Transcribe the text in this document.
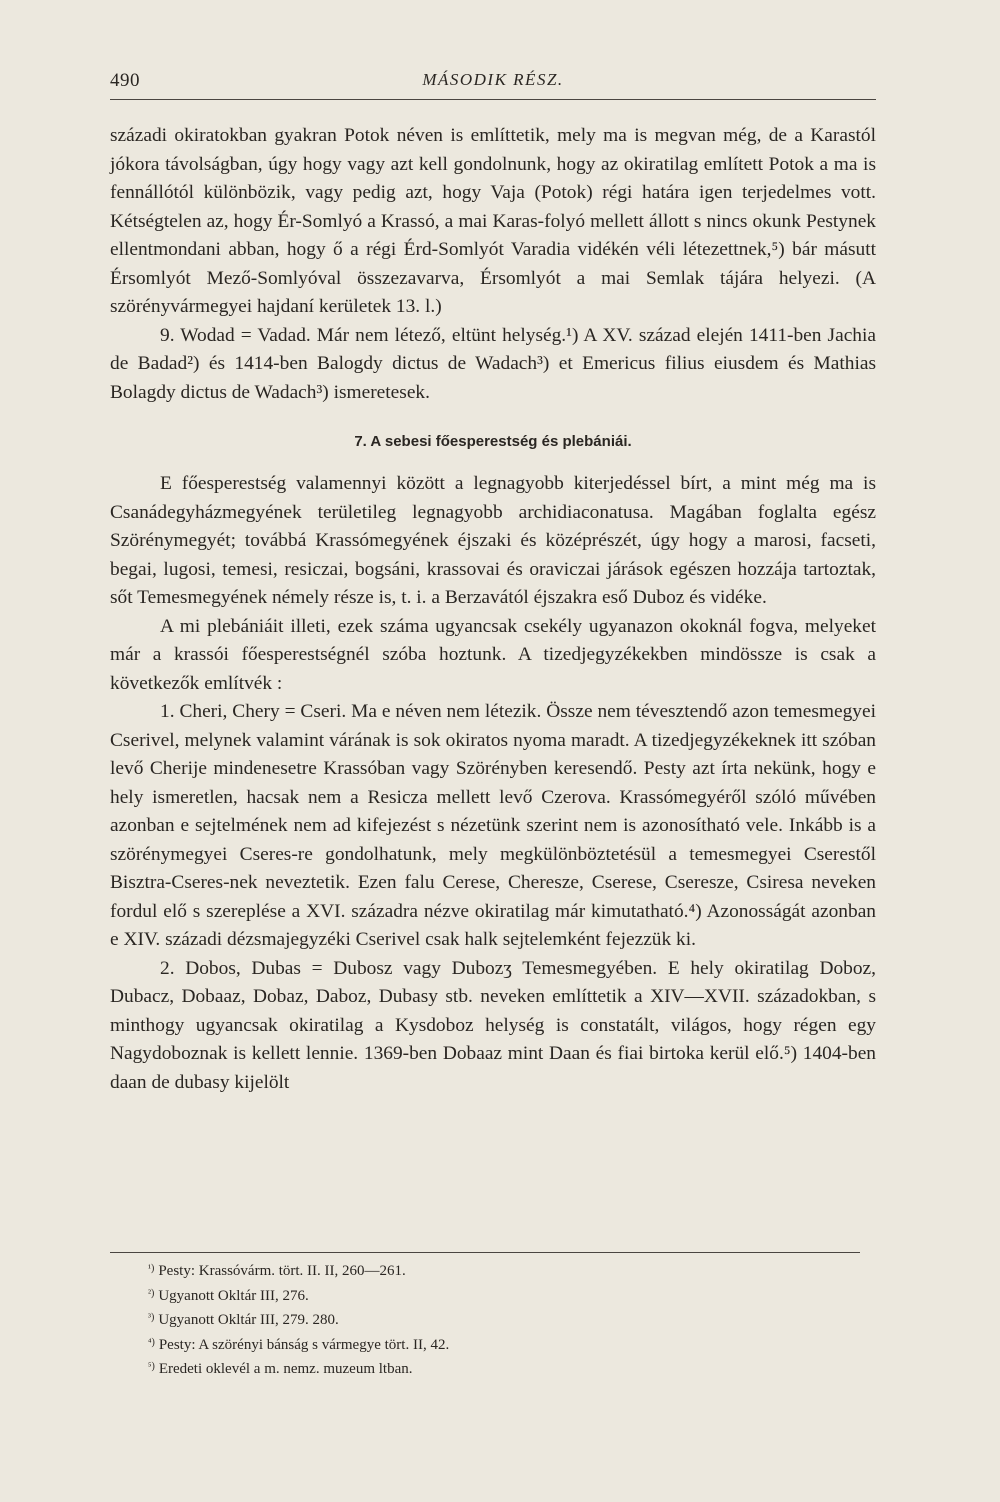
490	MÁSODIK RÉSZ.

századi okiratokban gyakran Potok néven is említtetik, mely ma is megvan még, de a Karastól jókora távolságban, úgy hogy vagy azt kell gondolnunk, hogy az okiratilag említett Potok a ma is fennállótól különbözik, vagy pedig azt, hogy Vaja (Potok) régi határa igen terjedelmes vott. Kétségtelen az, hogy Ér-Somlyó a Krassó, a mai Karas-folyó mellett állott s nincs okunk Pestynek ellentmondani abban, hogy ő a régi Érd-Somlyót Varadia vidékén véli létezettnek,⁵) bár másutt Érsomlyót Mező-Somlyóval összezavarva, Érsomlyót a mai Semlak tájára helyezi. (A szörényvármegyei hajdaní kerületek 13. l.)

9. Wodad = Vadad. Már nem létező, eltünt helység.¹) A XV. század elején 1411-ben Jachia de Badad²) és 1414-ben Balogdy dictus de Wadach³) et Emericus filius eiusdem és Mathias Bolagdy dictus de Wadach³) ismeretesek.

7. A sebesi főesperestség és plebániái.

E főesperestség valamennyi között a legnagyobb kiterjedéssel bírt, a mint még ma is Csanádegyházmegyének területileg legnagyobb archidiaconatusa. Magában foglalta egész Szörénymegyét; továbbá Krassómegyének éjszaki és középrészét, úgy hogy a marosi, facseti, begai, lugosi, temesi, resiczai, bogsáni, krassovai és oraviczai járások egészen hozzája tartoztak, sőt Temesmegyének némely része is, t. i. a Berzavától éjszakra eső Duboz és vidéke.

A mi plebániáit illeti, ezek száma ugyancsak csekély ugyanazon okoknál fogva, melyeket már a krassói főesperestségnél szóba hoztunk. A tizedjegyzékekben mindössze is csak a következők említvék :

1. Cheri, Chery = Cseri. Ma e néven nem létezik. Össze nem tévesztendő azon temesmegyei Cserivel, melynek valamint várának is sok okiratos nyoma maradt. A tizedjegyzékeknek itt szóban levő Cherije mindenesetre Krassóban vagy Szörényben keresendő. Pesty azt írta nekünk, hogy e hely ismeretlen, hacsak nem a Resicza mellett levő Czerova. Krassómegyéről szóló művében azonban e sejtelmének nem ad kifejezést s nézetünk szerint nem is azonosítható vele. Inkább is a szörénymegyei Cseres-re gondolhatunk, mely megkülönböztetésül a temesmegyei Cserestől Bisztra-Cseres-nek neveztetik. Ezen falu Cerese, Cheresze, Cserese, Cseresze, Csiresa neveken fordul elő s szereplése a XVI. századra nézve okiratilag már kimutatható.⁴) Azonosságát azonban e XIV. századi dézsmajegyzéki Cserivel csak halk sejtelemként fejezzük ki.

2. Dobos, Dubas = Dubosz vagy Dubozʒ Temesmegyében. E hely okiratilag Doboz, Dubacz, Dobaaz, Dobaz, Daboz, Dubasy stb. neveken említtetik a XIV—XVII. századokban, s minthogy ugyancsak okiratilag a Kysdoboz helység is constatált, világos, hogy régen egy Nagydoboznak is kellett lennie. 1369-ben Dobaaz mint Daan és fiai birtoka kerül elő.⁵) 1404-ben daan de dubasy kijelölt

$^{^1)}$ Pesty: Krassóvárm. tört. II. II, 260—261.
$^{^2)}$ Ugyanott Okltár III, 276.
$^{^3)}$ Ugyanott Okltár III, 279. 280.
$^{^4)}$ Pesty: A szörényi bánság s vármegye tört. II, 42.
$^{^5)}$ Eredeti oklevél a m. nemz. muzeum ltban.
